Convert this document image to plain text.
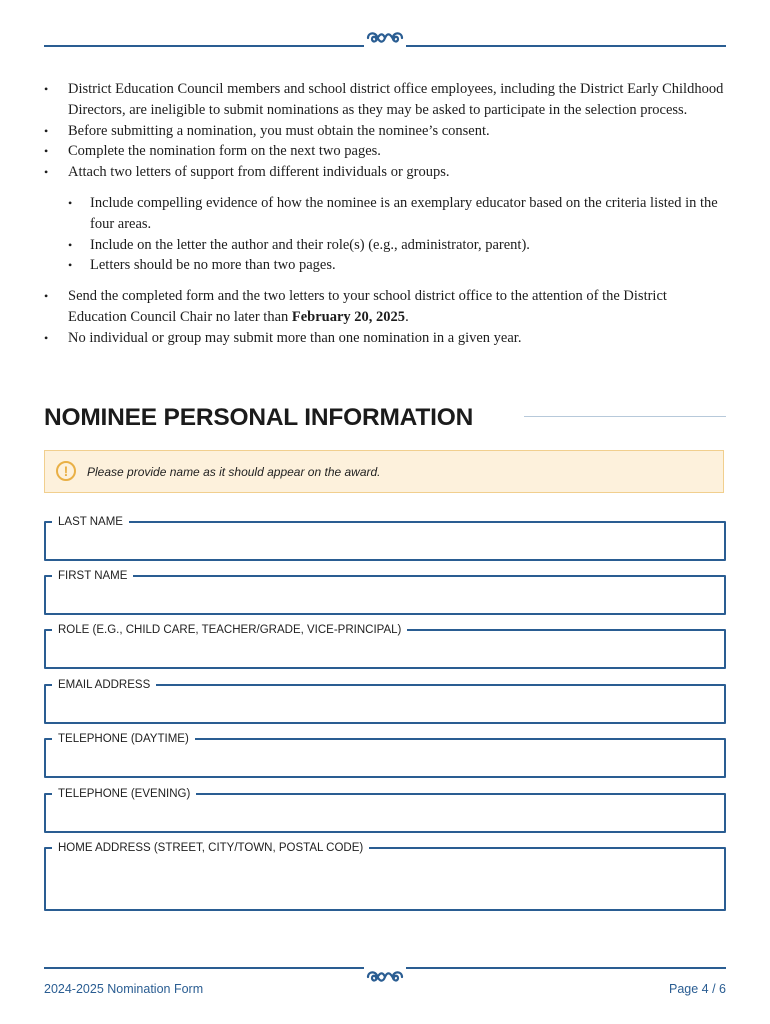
• District Education Council members and school district office employees, including the District Early Childhood Directors, are ineligible to submit nominations as they may be asked to participate in the selection process.
• Before submitting a nomination, you must obtain the nominee’s consent.
• Complete the nomination form on the next two pages.
• Attach two letters of support from different individuals or groups.
• Include compelling evidence of how the nominee is an exemplary educator based on the criteria listed in the four areas.
• Include on the letter the author and their role(s) (e.g., administrator, parent).
• Letters should be no more than two pages.
• Send the completed form and the two letters to your school district office to the attention of the District Education Council Chair no later than February 20, 2025.
• No individual or group may submit more than one nomination in a given year.
NOMINEE PERSONAL INFORMATION
!	Please provide name as it should appear on the award.
LAST NAME
FIRST NAME
ROLE (E.G., CHILD CARE, TEACHER/GRADE, VICE-PRINCIPAL)
EMAIL ADDRESS
TELEPHONE (DAYTIME)
TELEPHONE (EVENING)
HOME ADDRESS (STREET, CITY/TOWN, POSTAL CODE)
2024-2025 Nomination Form	Page 4 / 6
